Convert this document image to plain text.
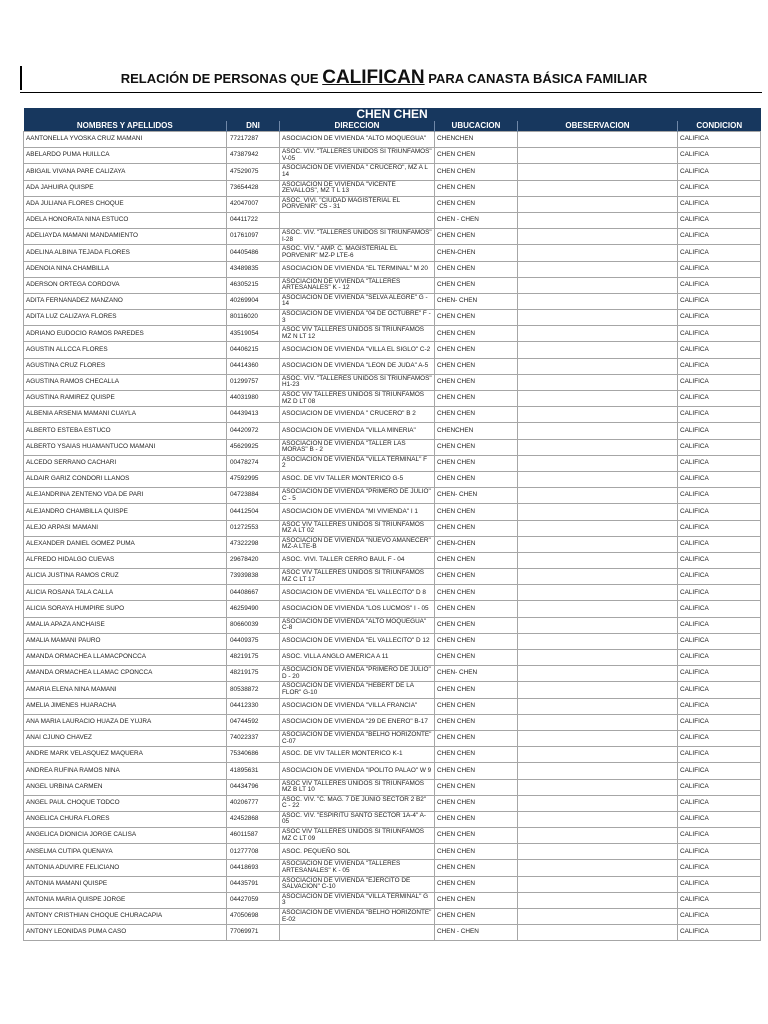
RELACIÓN DE PERSONAS QUE CALIFICAN PARA CANASTA BÁSICA FAMILIAR
CHEN CHEN					
NOMBRES Y APELLIDOS	DNI	DIRECCION	UBUCACION	OBESERVACION	CONDICION
AANTONELLA YVOSKA CRUZ MAMANI	77217287	ASOCIACION DE VIVIENDA "ALTO MOQUEGUA"	CHENCHEN		CALIFICA
ABELARDO PUMA HUILLCA	47387942	ASOC. VIV. "TALLERES UNIDOS SI TRIUNFAMOS" V-05	CHEN CHEN		CALIFICA
ABIGAIL VIVANA PARE CALIZAYA	47529075	ASOCIACION DE VIVIENDA " CRUCERO", MZ A L 14	CHEN CHEN		CALIFICA
ADA JAHUIRA QUISPE	73654428	ASOCIACION DE VIVIENDA "VICENTE ZEVALLOS", MZ T L 13	CHEN CHEN		CALIFICA
ADA JULIANA FLORES CHOQUE	42047007	ASOC. VIVI. "CIUDAD MAGISTERIAL EL PORVENIR" C5 - 31	CHEN CHEN		CALIFICA
ADELA HONORATA NINA ESTUCO	04411722		CHEN - CHEN		CALIFICA
ADELIAYDA MAMANI MANDAMIENTO	01761097	ASOC. VIV. "TALLERES UNIDOS SI TRIUNFAMOS" I-28	CHEN CHEN		CALIFICA
ADELINA ALBINA TEJADA FLORES	04405486	ASOC. VIV. " AMP. C. MAGISTERIAL EL PORVENIR" MZ-P LTE-6	CHEN-CHEN		CALIFICA
ADENOIA NINA CHAMBILLA	43489835	ASOCIACION DE VIVIENDA "EL TERMINAL" M 20	CHEN CHEN		CALIFICA
ADERSON ORTEGA CORDOVA	46305215	ASOCIACION DE VIVIENDA "TALLERES ARTESANALES" K - 12	CHEN CHEN		CALIFICA
ADITA FERNANADEZ MANZANO	40269904	ASOCIACION DE VIVIENDA "SELVA ALEGRE" G - 14	CHEN- CHEN		CALIFICA
ADITA LUZ CALIZAYA FLORES	80116020	ASOCIACION DE VIVIENDA "04 DE OCTUBRE" F - 3	CHEN CHEN		CALIFICA
ADRIANO EUDOCIO RAMOS PAREDES	43519054	ASOC VIV TALLERES UNIDOS SI TRIUNFAMOS MZ N LT 12	CHEN CHEN		CALIFICA
AGUSTIN ALLCCA FLORES	04406215	ASOCIACION DE VIVIENDA "VILLA EL SIGLO" C-2	CHEN CHEN		CALIFICA
AGUSTINA CRUZ FLORES	04414360	ASOCIACION DE VIVIENDA "LEON DE JUDA" A-5	CHEN CHEN		CALIFICA
AGUSTINA RAMOS CHECALLA	01299757	ASOC. VIV. "TALLERES UNIDOS SI TRIUNFAMOS" H1-23	CHEN CHEN		CALIFICA
AGUSTINA RAMIREZ QUISPE	44031980	ASOC VIV TALLERES UNIDOS SI TRIUNFAMOS MZ D LT 08	CHEN CHEN		CALIFICA
ALBENIA ARSENIA MAMANI CUAYLA	04439413	ASOCIACION DE VIVIENDA " CRUCERO" B 2	CHEN CHEN		CALIFICA
ALBERTO ESTEBA ESTUCO	04420972	ASOCIACION DE VIVIENDA "VILLA MINERIA"	CHENCHEN		CALIFICA
ALBERTO YSAIAS HUAMANTUCO MAMANI	45629925	ASOCIACION DE VIVIENDA "TALLER LAS MORAS" B - 2	CHEN CHEN		CALIFICA
ALCEDO SERRANO CACHARI	00478274	ASOCIACION DE VIVIENDA "VILLA TERMINAL" F 2	CHEN CHEN		CALIFICA
ALDAIR GARIZ CONDORI LLANOS	47592995	ASOC. DE VIV TALLER MONTERICO G-5	CHEN CHEN		CALIFICA
ALEJANDRINA ZENTENO VDA DE PARI	04723884	ASOCIACION DE VIVIENDA "PRIMERO DE JULIO" C - 5	CHEN- CHEN		CALIFICA
ALEJANDRO CHAMBILLA QUISPE	04412504	ASOCIACION DE VIVIENDA "MI VIVIENDA" I 1	CHEN CHEN		CALIFICA
ALEJO ARPASI MAMANI	01272553	ASOC VIV TALLERES UNIDOS SI TRIUNFAMOS MZ A LT 02	CHEN CHEN		CALIFICA
ALEXANDER DANIEL GOMEZ PUMA	47322298	ASOCIACION DE VIVIENDA "NUEVO AMANECER" MZ-A LTE-B	CHEN-CHEN		CALIFICA
ALFREDO HIDALGO CUEVAS	29678420	ASOC. VIVI. TALLER CERRO BAUL F - 04	CHEN CHEN		CALIFICA
ALICIA JUSTINA RAMOS CRUZ	73939838	ASOC VIV TALLERES UNIDOS SI TRIUNFAMOS MZ C LT 17	CHEN CHEN		CALIFICA
ALICIA ROSANA TALA CALLA	04408667	ASOCIACION DE VIVIENDA "EL VALLECITO" D 8	CHEN CHEN		CALIFICA
ALICIA SORAYA HUMPIRE SUPO	46259490	ASOCIACION DE VIVIENDA "LOS LUCMOS" I - 05	CHEN CHEN		CALIFICA
AMALIA APAZA ANCHAISE	80660039	ASOCIACION DE VIVIENDA "ALTO MOQUEGUA" C-8	CHEN CHEN		CALIFICA
AMALIA MAMANI PAURO	04409375	ASOCIACION DE VIVIENDA "EL VALLECITO" D 12	CHEN CHEN		CALIFICA
AMANDA ORMACHEA LLAMACPONCCA	48219175	ASOC. VILLA ANGLO AMERICA A 11	CHEN CHEN		CALIFICA
AMANDA ORMACHEA LLAMAC CPONCCA	48219175	ASOCIACION DE VIVIENDA "PRIMERO DE JULIO" D - 20	CHEN- CHEN		CALIFICA
AMARIA ELENA NINA MAMANI	80538872	ASOCIACION DE VIVIENDA "HEBERT DE LA FLOR" G-10	CHEN CHEN		CALIFICA
AMELIA JIMENES HUARACHA	04412330	ASOCIACION DE VIVIENDA "VILLA FRANCIA"	CHEN CHEN		CALIFICA
ANA MARIA LAURACIO HUAZA DE YUJRA	04744592	ASOCIACION DE VIVIENDA "29 DE ENERO" B-17	CHEN CHEN		CALIFICA
ANAI CJUNO CHAVEZ	74022337	ASOCIACION DE VIVIENDA "BELHO HORIZONTE" C-07	CHEN CHEN		CALIFICA
ANDRE MARK VELASQUEZ MAQUERA	75340686	ASOC. DE VIV TALLER MONTERICO K-1	CHEN CHEN		CALIFICA
ANDREA RUFINA RAMOS NINA	41895631	ASOCIACION DE VIVIENDA "IPOLITO PALAO" W 9	CHEN CHEN		CALIFICA
ANGEL URBINA CARMEN	04434796	ASOC VIV TALLERES UNIDOS SI TRIUNFAMOS MZ B LT 10	CHEN CHEN		CALIFICA
ANGEL PAUL CHOQUE TODCO	40206777	ASOC. VIV. "C. MAG. 7 DE JUNIO SECTOR 2 B2" C - 22	CHEN CHEN		CALIFICA
ANGELICA CHURA FLORES	42452868	ASOC. VIV. "ESPIRITU SANTO SECTOR 1A-4" A-05	CHEN CHEN		CALIFICA
ANGELICA DIONICIA JORGE CALISA	46011587	ASOC VIV TALLERES UNIDOS SI TRIUNFAMOS MZ C LT 09	CHEN CHEN		CALIFICA
ANSELMA CUTIPA QUENAYA	01277708	ASOC. PEQUEÑO SOL	CHEN CHEN		CALIFICA
ANTONIA ADUVIRE FELICIANO	04418693	ASOCIACION DE VIVIENDA "TALLERES ARTESANALES" K - 05	CHEN CHEN		CALIFICA
ANTONIA MAMANI QUISPE	04435791	ASOCIACION DE VIVIENDA "EJERCITO DE SALVACION" C-10	CHEN CHEN		CALIFICA
ANTONIA MARIA QUISPE JORGE	04427059	ASOCIACION DE VIVIENDA "VILLA TERMINAL" G 3	CHEN CHEN		CALIFICA
ANTONY CRISTHIAN CHOQUE CHURACAPIA	47050698	ASOCIACION DE VIVIENDA "BELHO HORIZONTE" E-02	CHEN CHEN		CALIFICA
ANTONY LEONIDAS PUMA CASO	77069971		CHEN - CHEN		CALIFICA
